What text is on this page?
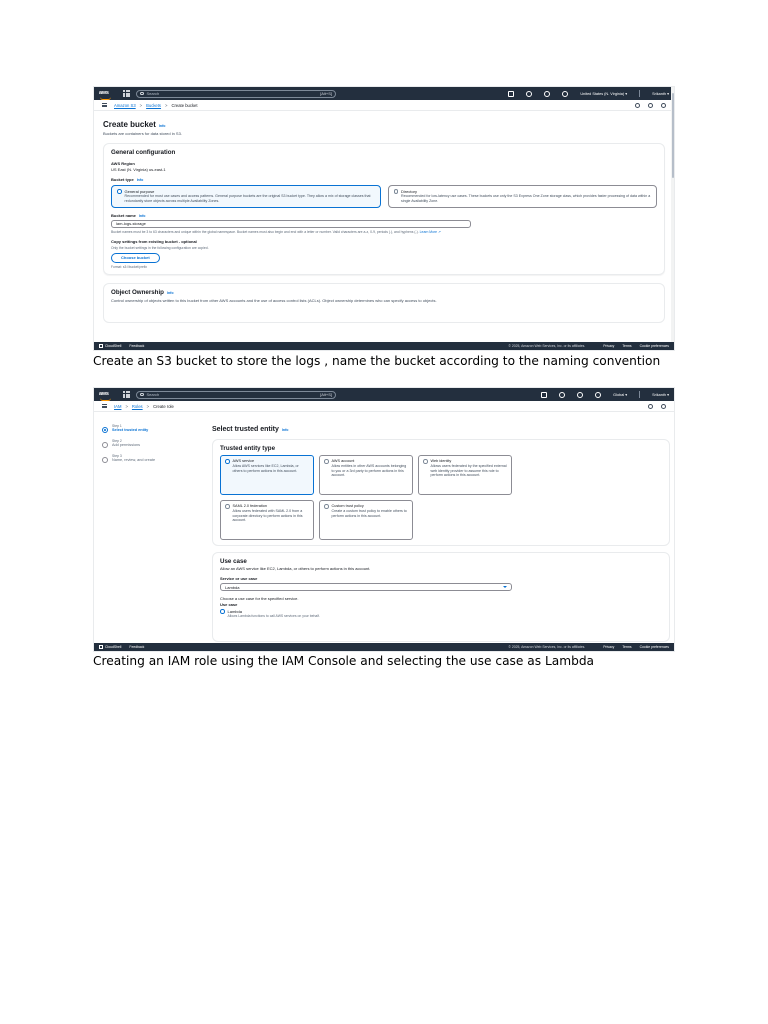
aws	Search	[Alt+S]	United States (N. Virginia) ▾	Srikanth ▾
Amazon S3 > Buckets > Create bucket
Create bucket Info
Buckets are containers for data stored in S3.
General configuration
AWS Region
US East (N. Virginia) us-east-1
Bucket type Info
General purpose
Recommended for most use cases and access patterns. General purpose buckets are the original S3 bucket type. They allow a mix of storage classes that redundantly store objects across multiple Availability Zones.
Directory
Recommended for low-latency use cases. These buckets use only the S3 Express One Zone storage class, which provides faster processing of data within a single Availability Zone.
Bucket name Info
lam-logs-storage
Bucket names must be 3 to 63 characters and unique within the global namespace. Bucket names must also begin and end with a letter or number. Valid characters are a-z, 0-9, periods (.), and hyphens (-). Learn More ↗
Copy settings from existing bucket - optional
Only the bucket settings in the following configuration are copied.
Choose bucket
Format: s3://bucket/prefix
Object Ownership Info
Control ownership of objects written to this bucket from other AWS accounts and the use of access control lists (ACLs). Object ownership determines who can specify access to objects.
CloudShell Feedback	© 2025, Amazon Web Services, Inc. or its affiliates.	Privacy Terms Cookie preferences
Create an S3 bucket to store the logs , name the bucket according to the naming convention
aws	Search	[Alt+S]	Global ▾	Srikanth ▾
IAM > Roles > Create role
Step 1
Select trusted entity
Step 2
Add permissions
Step 3
Name, review, and create
Select trusted entity Info
Trusted entity type
AWS service
Allow AWS services like EC2, Lambda, or others to perform actions in this account.
AWS account
Allow entities in other AWS accounts belonging to you or a 3rd party to perform actions in this account.
Web identity
Allows users federated by the specified external web identity provider to assume this role to perform actions in this account.
SAML 2.0 federation
Allow users federated with SAML 2.0 from a corporate directory to perform actions in this account.
Custom trust policy
Create a custom trust policy to enable others to perform actions in this account.
Use case
Allow an AWS service like EC2, Lambda, or others to perform actions in this account.
Service or use case
Lambda
Choose a use case for the specified service.
Use case
Lambda
Allows Lambda functions to call AWS services on your behalf.
CloudShell Feedback	© 2025, Amazon Web Services, Inc. or its affiliates.	Privacy Terms Cookie preferences
Creating an IAM role using the IAM Console and selecting the use case as Lambda
